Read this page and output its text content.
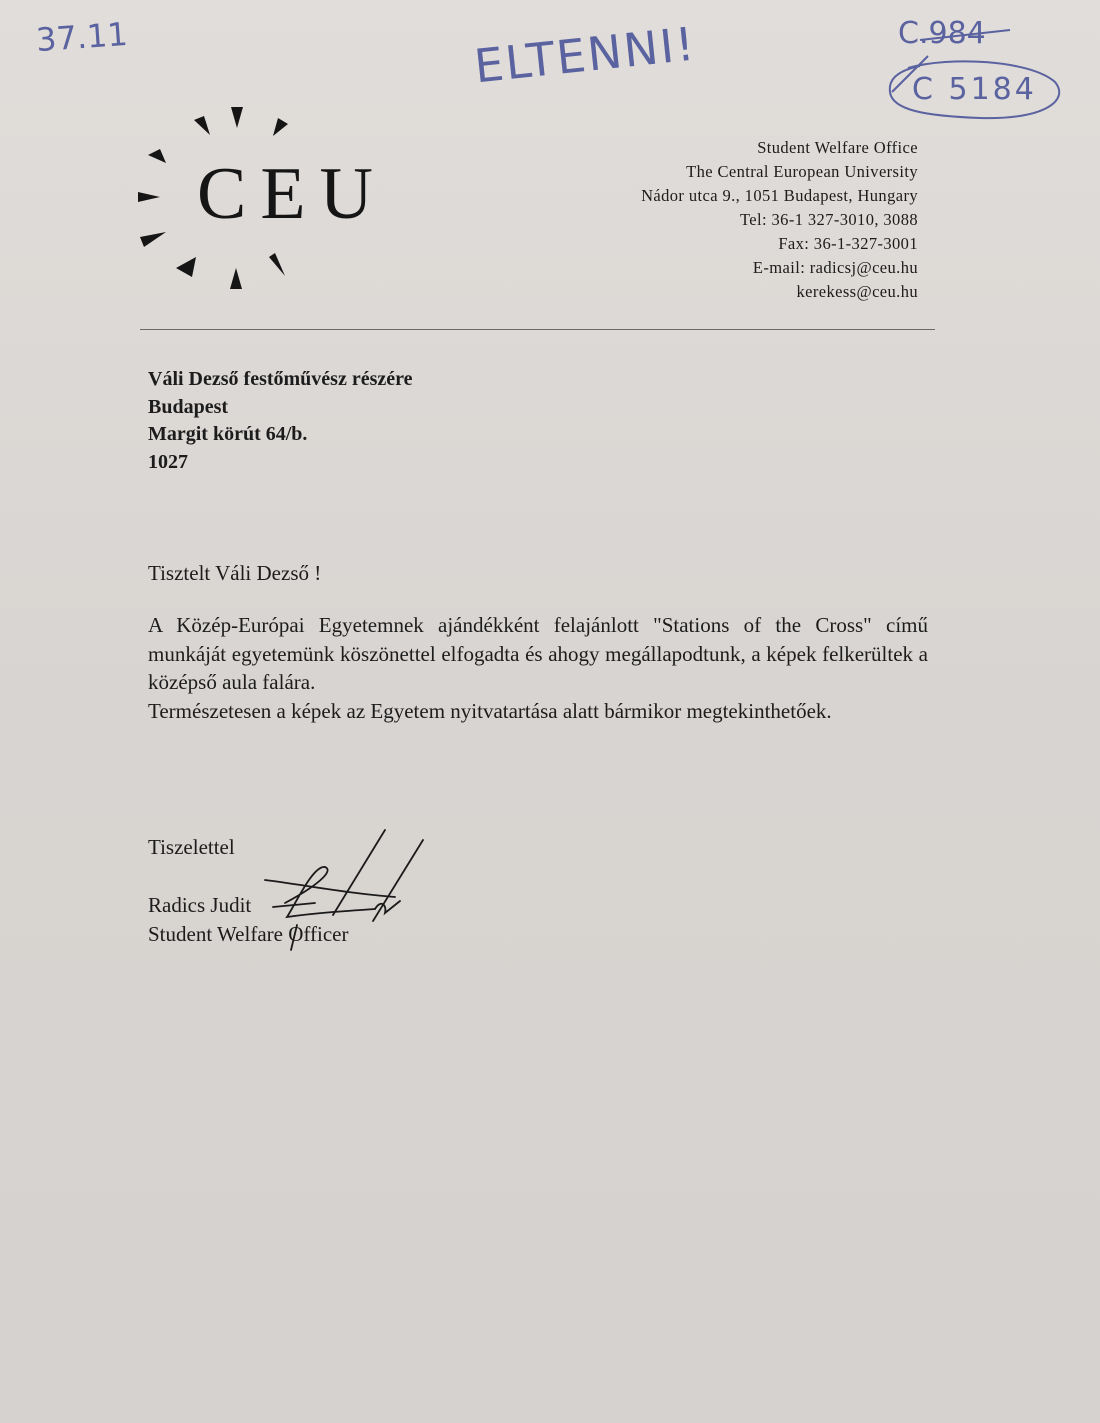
37.11	ELTENNI!	C.984
C 5184
CEU
Student Welfare Office
The Central European University
Nádor utca 9., 1051 Budapest, Hungary
Tel: 36-1 327-3010, 3088
Fax: 36-1-327-3001
E-mail: radicsj@ceu.hu
kerekess@ceu.hu
Váli Dezső festőművész részére
Budapest
Margit körút 64/b.
1027
Tisztelt Váli Dezső !

A Közép-Európai Egyetemnek ajándékként felajánlott "Stations of the Cross" című munkáját egyetemünk köszönettel elfogadta és ahogy megállapodtunk, a képek felkerültek a középső aula falára.

Természetesen a képek az Egyetem nyitvatartása alatt bármikor megtekinthetőek.

Tiszelettel
Radics Judit
Student Welfare Officer
